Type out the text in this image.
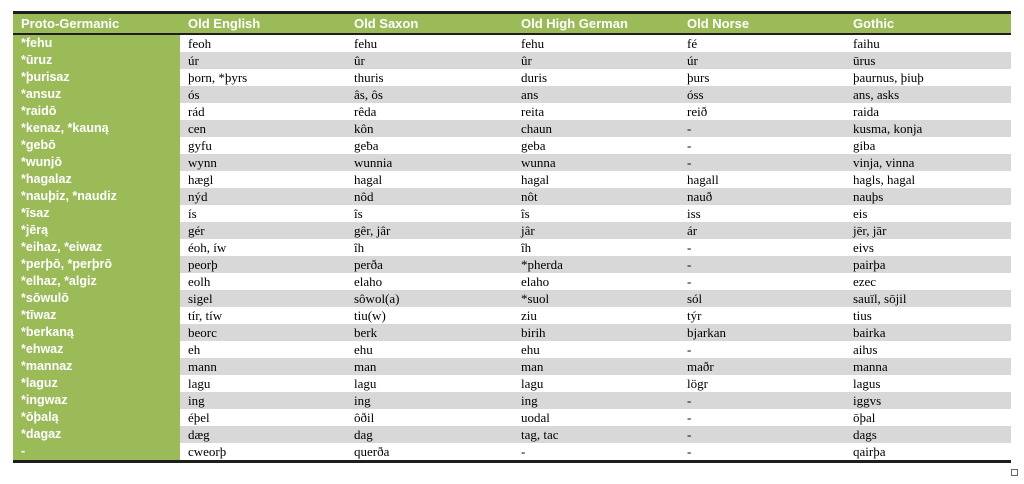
Proto-Germanic	Old English	Old Saxon	Old High German	Old Norse	Gothic
*fehu	feoh	fehu	fehu	fé	faihu
*ūruz	úr	ûr	ûr	úr	ūrus
*þurisaz	þorn, *þyrs	thuris	duris	þurs	þaurnus, þiuþ
*ansuz	ós	âs, ôs	ans	óss	ans, asks
*raidō	rád	rêda	reita	reið	raida
*kenaz, *kauną	cen	kôn	chaun	-	kusma, konja
*gebō	gyfu	geƀa	geba	-	giba
*wunjō	wynn	wunnia	wunna	-	vinja, vinna
*hagalaz	hægl	hagal	hagal	hagall	hagls, hagal
*nauþiz, *naudiz	nýd	nôd	nôt	nauð	nauþs
*īsaz	ís	îs	îs	iss	eis
*jērą	gér	gêr, jâr	jâr	ár	jēr, jār
*eihaz, *eiwaz	éoh, íw	îh	îh	-	eivs
*perþō, *perþrō	peorþ	perða	*pherda	-	pairþa
*elhaz, *algiz	eolh	elaho	elaho	-	ezec
*sōwulō	sigel	sôwol(a)	*suol	sól	sauïl, sōjil
*tīwaz	tír, tíw	tiu(w)	ziu	týr	tius
*berkaną	beorc	berk	birih	bjarkan	bairka
*ehwaz	eh	ehu	ehu	-	aiƕs
*mannaz	mann	man	man	maðr	manna
*laguz	lagu	lagu	lagu	lögr	lagus
*ingwaz	ing	ing	ing	-	iggvs
*ōþalą	éþel	ôðil	uodal	-	ōþal
*dagaz	dæg	dag	tag, tac	-	dags
-	cweorþ	querða	-	-	qairþa
